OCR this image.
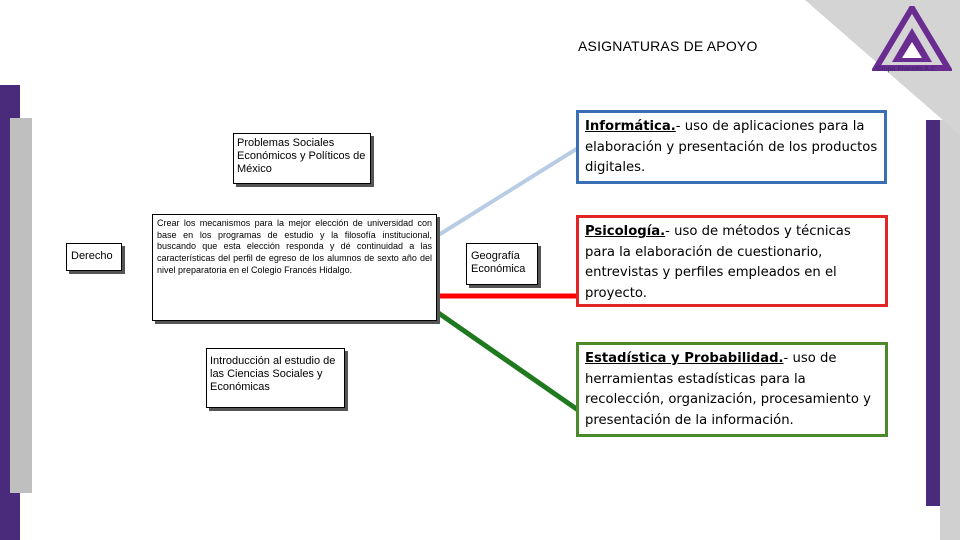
ASIGNATURAS DE APOYO
Grupo Francés A.C.
Problemas Sociales Económicos y Políticos de México
Derecho
Crear los mecanismos para la mejor elección de universidad con base en los programas de estudio y la filosofía institucional, buscando que esta elección responda y dé continuidad a las características del perfil de egreso de los alumnos de sexto año del nivel preparatoria en el Colegio Francés Hidalgo.
Introducción al estudio de las Ciencias Sociales y Económicas
Geografía Económica
Informática.- uso de aplicaciones para la elaboración y presentación de los productos digitales.
Psicología.- uso de métodos y técnicas para la elaboración de cuestionario, entrevistas y perfiles empleados en el proyecto.
Estadística y Probabilidad.- uso de herramientas estadísticas para la recolección, organización, procesamiento y presentación de la información.
